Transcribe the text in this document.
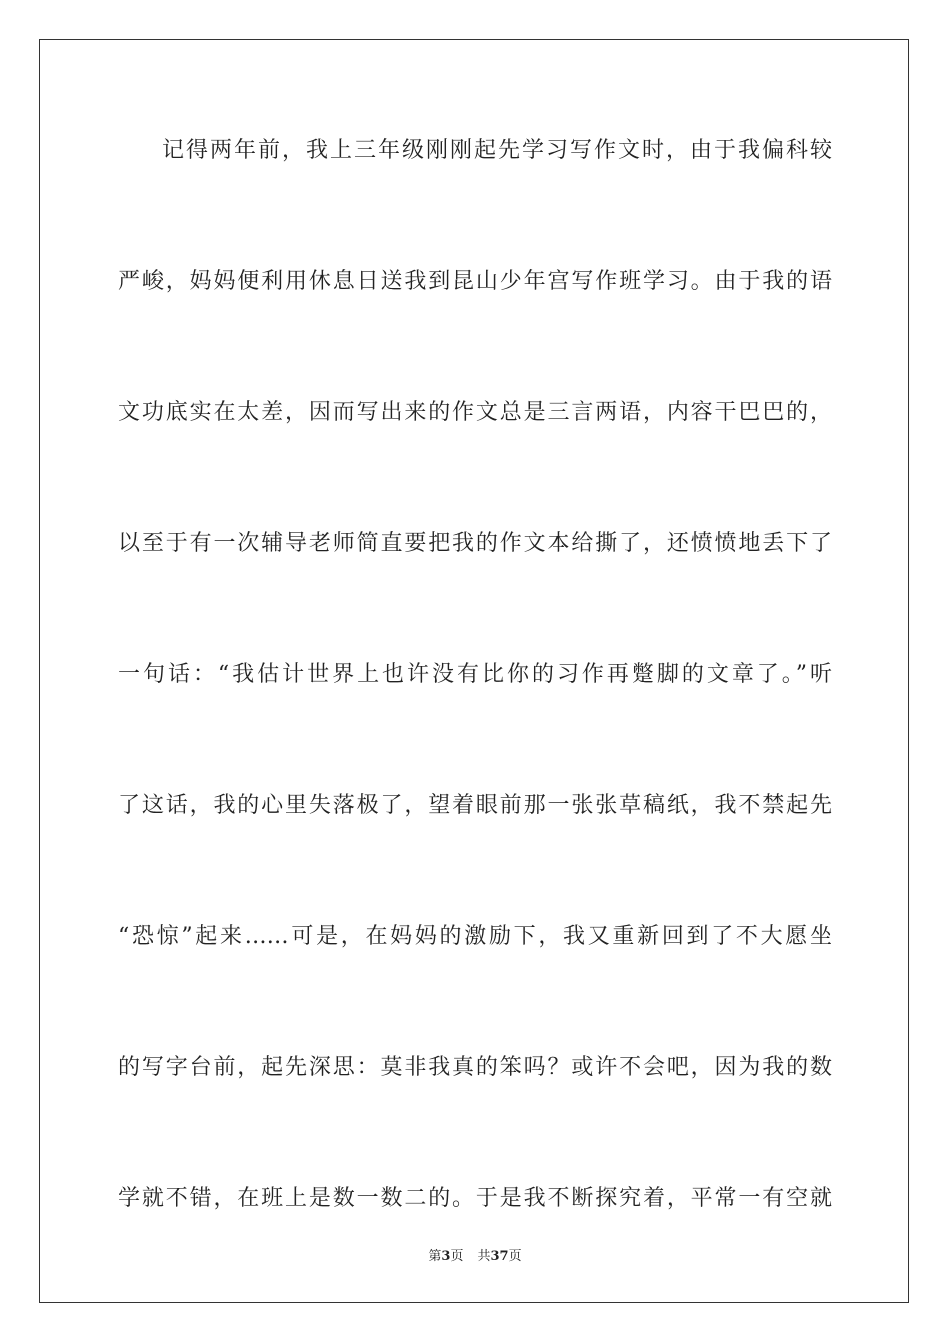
记得两年前，我上三年级刚刚起先学习写作文时，由于我偏科较
严峻，妈妈便利用休息日送我到昆山少年宫写作班学习。由于我的语
文功底实在太差，因而写出来的作文总是三言两语，内容干巴巴的，
以至于有一次辅导老师简直要把我的作文本给撕了，还愤愤地丢下了
一句话：“我估计世界上也许没有比你的习作再蹩脚的文章了。”听
了这话，我的心里失落极了，望着眼前那一张张草稿纸，我不禁起先
“恐惊”起来……可是，在妈妈的激励下，我又重新回到了不大愿坐
的写字台前，起先深思：莫非我真的笨吗？或许不会吧，因为我的数
学就不错，在班上是数一数二的。于是我不断探究着，平常一有空就
第3页 共37页
